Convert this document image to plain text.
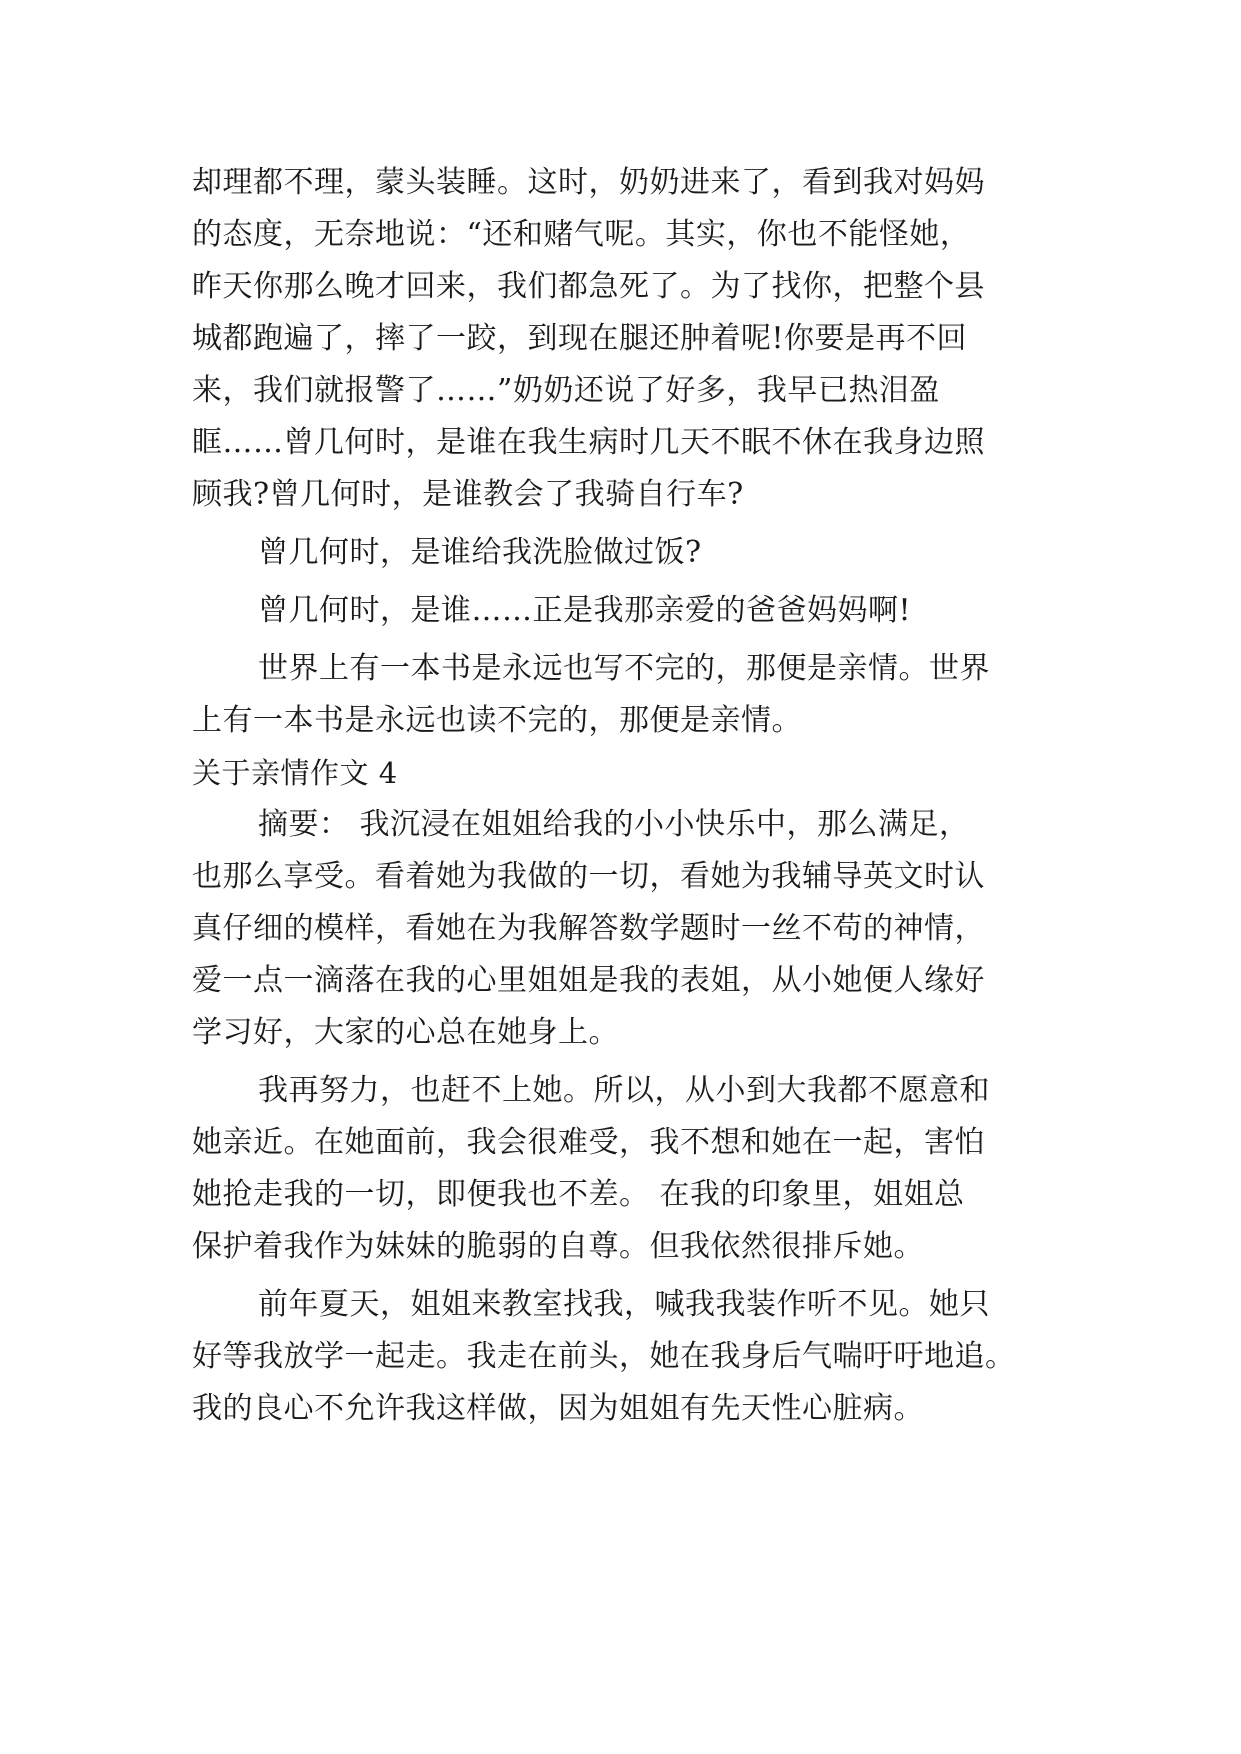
却理都不理，蒙头装睡。这时，奶奶进来了，看到我对妈妈
的态度，无奈地说：“还和赌气呢。其实，你也不能怪她，
昨天你那么晚才回来，我们都急死了。为了找你，把整个县
城都跑遍了，摔了一跤，到现在腿还肿着呢!你要是再不回
来，我们就报警了……”奶奶还说了好多，我早已热泪盈
眶……曾几何时，是谁在我生病时几天不眠不休在我身边照
顾我?曾几何时，是谁教会了我骑自行车?
曾几何时，是谁给我洗脸做过饭?
曾几何时，是谁……正是我那亲爱的爸爸妈妈啊!
世界上有一本书是永远也写不完的，那便是亲情。世界
上有一本书是永远也读不完的，那便是亲情。
关于亲情作文 4
摘要： 我沉浸在姐姐给我的小小快乐中，那么满足，
也那么享受。看着她为我做的一切，看她为我辅导英文时认
真仔细的模样，看她在为我解答数学题时一丝不苟的神情，
爱一点一滴落在我的心里姐姐是我的表姐，从小她便人缘好
学习好，大家的心总在她身上。
我再努力，也赶不上她。所以，从小到大我都不愿意和
她亲近。在她面前，我会很难受，我不想和她在一起，害怕
她抢走我的一切，即便我也不差。 在我的印象里，姐姐总
保护着我作为妹妹的脆弱的自尊。但我依然很排斥她。
前年夏天，姐姐来教室找我，喊我我装作听不见。她只
好等我放学一起走。我走在前头，她在我身后气喘吁吁地追。
我的良心不允许我这样做，因为姐姐有先天性心脏病。
